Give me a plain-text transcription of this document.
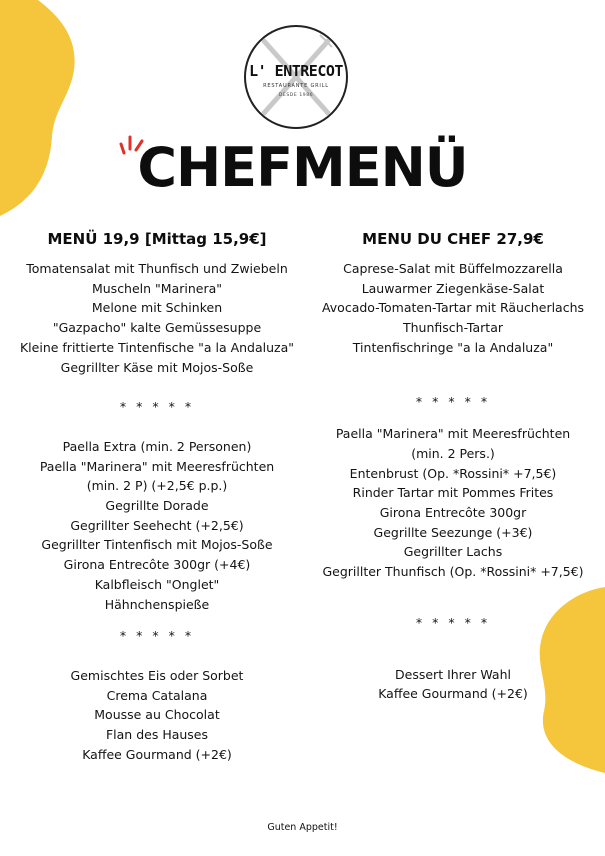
L' ENTRECOT
RESTAURANTE GRILL
DESDE 1986
CHEFMENÜ
MENÜ 19,9 [Mittag 15,9€]
Tomatensalat mit Thunfisch und Zwiebeln
Muscheln "Marinera"
Melone mit Schinken
"Gazpacho" kalte Gemüssesuppe
Kleine frittierte Tintenfische "a la Andaluza"
Gegrillter Käse mit Mojos-Soße
* * * * *
Paella Extra (min. 2 Personen)
Paella "Marinera" mit Meeresfrüchten
(min. 2 P) (+2,5€ p.p.)
Gegrillte Dorade
Gegrillter Seehecht (+2,5€)
Gegrillter Tintenfisch mit Mojos-Soße
Girona Entrecôte 300gr (+4€)
Kalbfleisch "Onglet"
Hähnchenspieße
* * * * *
Gemischtes Eis oder Sorbet
Crema Catalana
Mousse au Chocolat
Flan des Hauses
Kaffee Gourmand (+2€)
MENU DU CHEF 27,9€
Caprese-Salat mit Büffelmozzarella
Lauwarmer Ziegenkäse-Salat
Avocado-Tomaten-Tartar mit Räucherlachs
Thunfisch-Tartar
Tintenfischringe "a la Andaluza"
* * * * *
Paella "Marinera" mit Meeresfrüchten
(min. 2 Pers.)
Entenbrust (Op. *Rossini* +7,5€)
Rinder Tartar mit Pommes Frites
Girona Entrecôte 300gr
Gegrillte Seezunge (+3€)
Gegrillter Lachs
Gegrillter Thunfisch (Op. *Rossini* +7,5€)
* * * * *
Dessert Ihrer Wahl
Kaffee Gourmand (+2€)
Guten Appetit!
